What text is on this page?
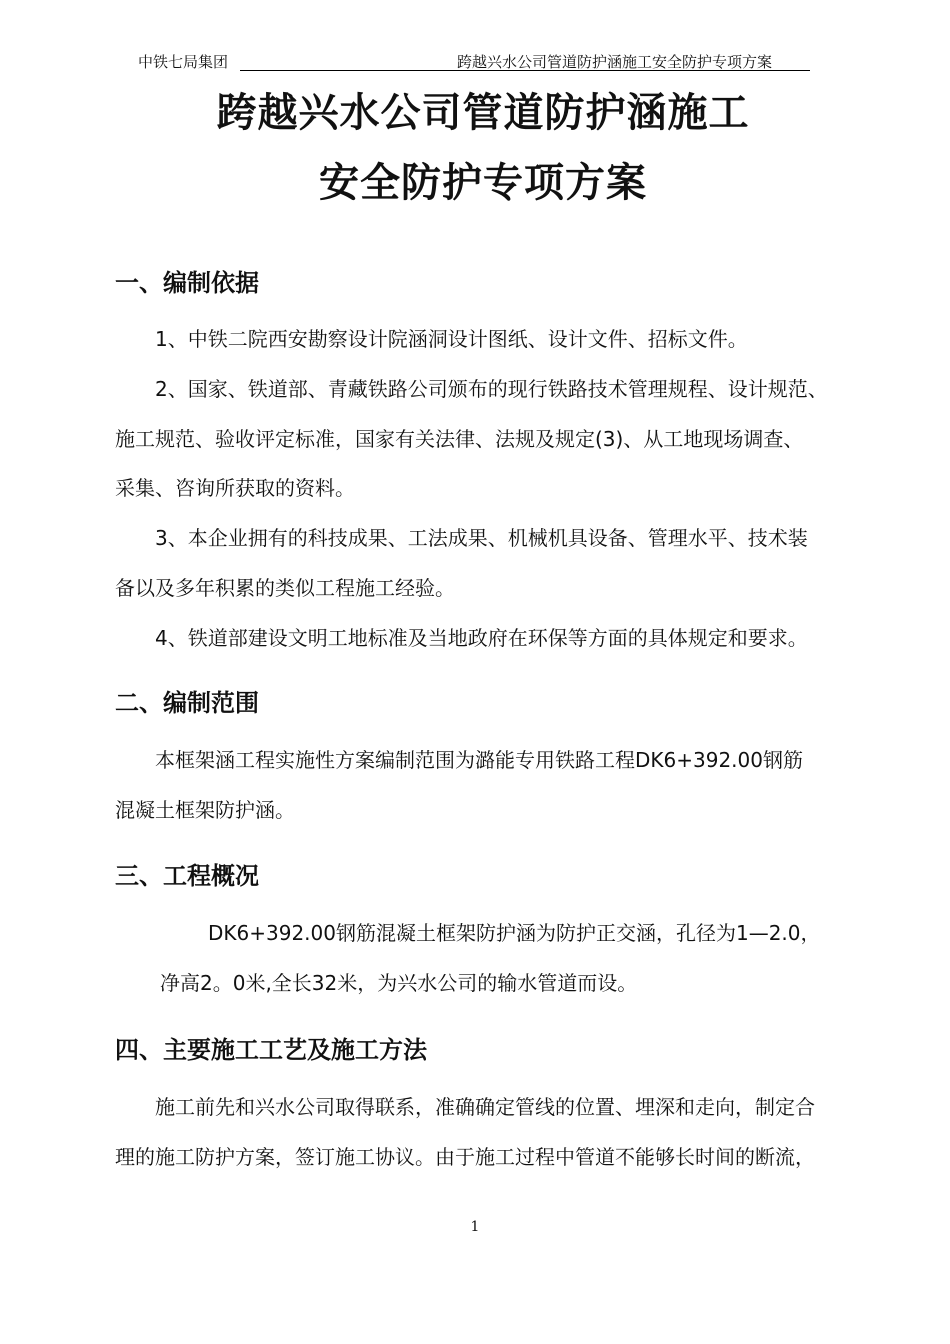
中铁七局集团	跨越兴水公司管道防护涵施工安全防护专项方案
跨越兴水公司管道防护涵施工
安全防护专项方案
一、编制依据
1、中铁二院西安勘察设计院涵洞设计图纸、设计文件、招标文件。
2、国家、铁道部、青藏铁路公司颁布的现行铁路技术管理规程、设计规范、
施工规范、验收评定标准，国家有关法律、法规及规定(3)、从工地现场调查、
采集、咨询所获取的资料。
3、本企业拥有的科技成果、工法成果、机械机具设备、管理水平、技术装
备以及多年积累的类似工程施工经验。
4、铁道部建设文明工地标准及当地政府在环保等方面的具体规定和要求。
二、编制范围
本框架涵工程实施性方案编制范围为潞能专用铁路工程DK6+392.00钢筋
混凝土框架防护涵。
三、工程概况
DK6+392.00钢筋混凝土框架防护涵为防护正交涵，孔径为1—2.0，
净高2。0米,全长32米，为兴水公司的输水管道而设。
四、主要施工工艺及施工方法
施工前先和兴水公司取得联系，准确确定管线的位置、埋深和走向，制定合
理的施工防护方案，签订施工协议。由于施工过程中管道不能够长时间的断流，
1
